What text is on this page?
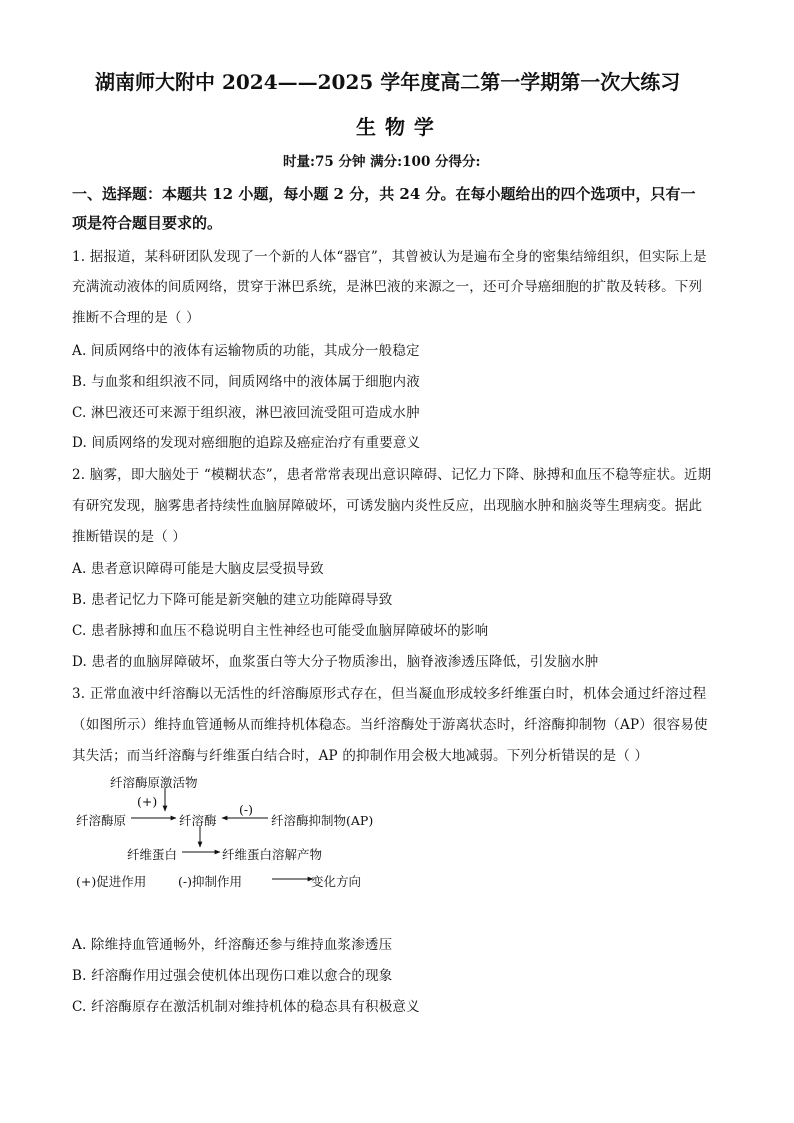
湖南师大附中 2024——2025 学年度高二第一学期第一次大练习
生 物 学
时量:75 分钟 满分:100 分得分:
一、选择题：本题共 12 小题，每小题 2 分，共 24 分。在每小题给出的四个选项中，只有一
项是符合题目要求的。
1. 据报道，某科研团队发现了一个新的人体“器官”，其曾被认为是遍布全身的密集结缔组织，但实际上是
充满流动液体的间质网络，贯穿于淋巴系统，是淋巴液的来源之一，还可介导癌细胞的扩散及转移。下列
推断不合理的是（ ）
A. 间质网络中的液体有运输物质的功能，其成分一般稳定
B. 与血浆和组织液不同，间质网络中的液体属于细胞内液
C. 淋巴液还可来源于组织液，淋巴液回流受阻可造成水肿
D. 间质网络的发现对癌细胞的追踪及癌症治疗有重要意义
2. 脑雾，即大脑处于 “模糊状态”，患者常常表现出意识障碍、记忆力下降、脉搏和血压不稳等症状。近期
有研究发现，脑雾患者持续性血脑屏障破坏，可诱发脑内炎性反应，出现脑水肿和脑炎等生理病变。据此
推断错误的是（ ）
A. 患者意识障碍可能是大脑皮层受损导致
B. 患者记忆力下降可能是新突触的建立功能障碍导致
C. 患者脉搏和血压不稳说明自主性神经也可能受血脑屏障破坏的影响
D. 患者的血脑屏障破坏，血浆蛋白等大分子物质渗出，脑脊液渗透压降低，引发脑水肿
3. 正常血液中纤溶酶以无活性的纤溶酶原形式存在，但当凝血形成较多纤维蛋白时，机体会通过纤溶过程
（如图所示）维持血管通畅从而维持机体稳态。当纤溶酶处于游离状态时，纤溶酶抑制物（AP）很容易使
其失活；而当纤溶酶与纤维蛋白结合时，AP 的抑制作用会极大地减弱。下列分析错误的是（ ）
纤溶酶原激活物
(+)
(-)
纤溶酶原	纤溶酶	纤溶酶抑制物(AP)
纤维蛋白	纤维蛋白溶解产物
(+)促进作用	(-)抑制作用	变化方向
A. 除维持血管通畅外，纤溶酶还参与维持血浆渗透压
B. 纤溶酶作用过强会使机体出现伤口难以愈合的现象
C. 纤溶酶原存在激活机制对维持机体的稳态具有积极意义
